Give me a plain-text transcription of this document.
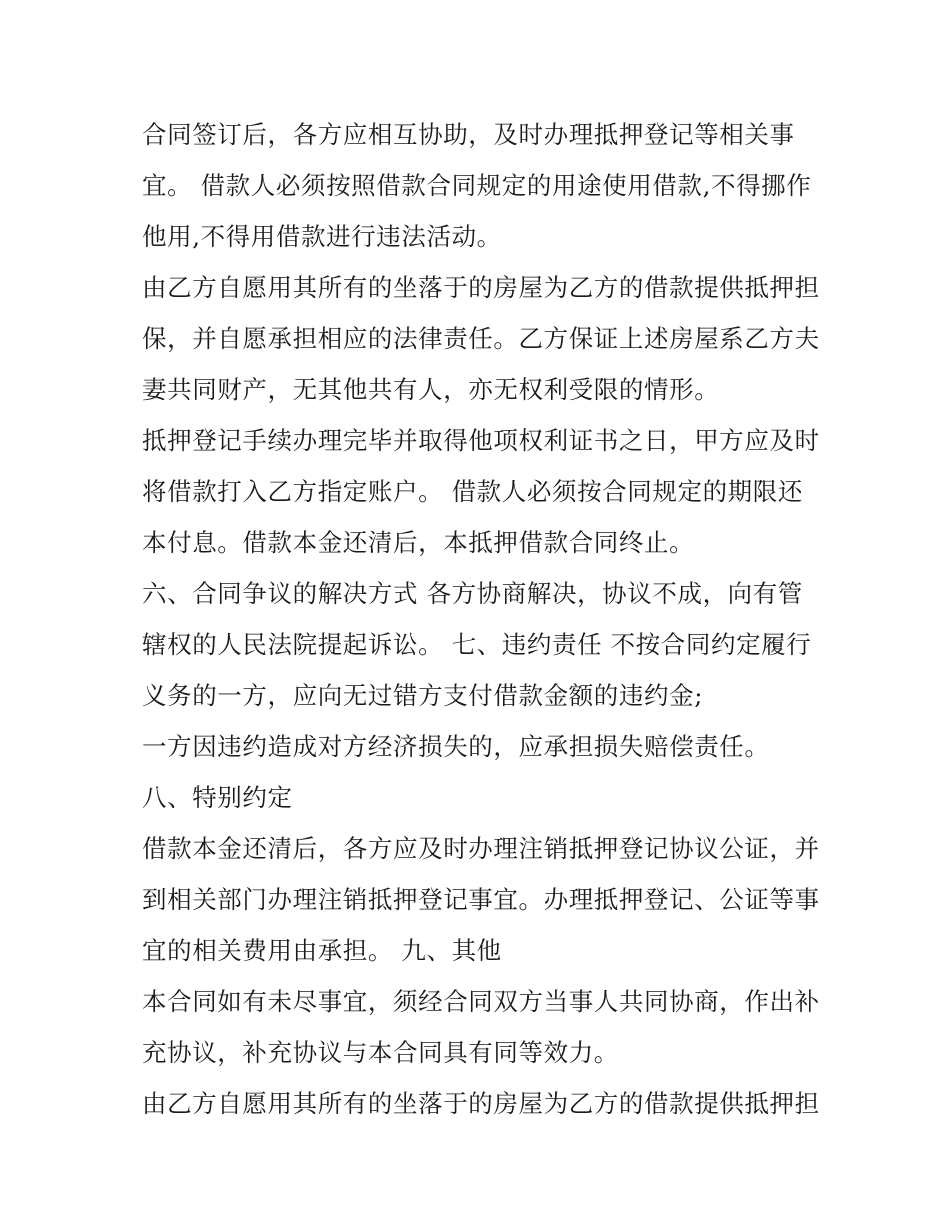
合同签订后，各方应相互协助，及时办理抵押登记等相关事
宜。 借款人必须按照借款合同规定的用途使用借款,不得挪作
他用,不得用借款进行违法活动。
由乙方自愿用其所有的坐落于的房屋为乙方的借款提供抵押担
保，并自愿承担相应的法律责任。乙方保证上述房屋系乙方夫
妻共同财产，无其他共有人，亦无权利受限的情形。
抵押登记手续办理完毕并取得他项权利证书之日，甲方应及时
将借款打入乙方指定账户。 借款人必须按合同规定的期限还
本付息。借款本金还清后，本抵押借款合同终止。
六、合同争议的解决方式 各方协商解决，协议不成，向有管
辖权的人民法院提起诉讼。 七、违约责任 不按合同约定履行
义务的一方，应向无过错方支付借款金额的违约金;
一方因违约造成对方经济损失的，应承担损失赔偿责任。
八、特别约定
借款本金还清后，各方应及时办理注销抵押登记协议公证，并
到相关部门办理注销抵押登记事宜。办理抵押登记、公证等事
宜的相关费用由承担。 九、其他
本合同如有未尽事宜，须经合同双方当事人共同协商，作出补
充协议，补充协议与本合同具有同等效力。
由乙方自愿用其所有的坐落于的房屋为乙方的借款提供抵押担
